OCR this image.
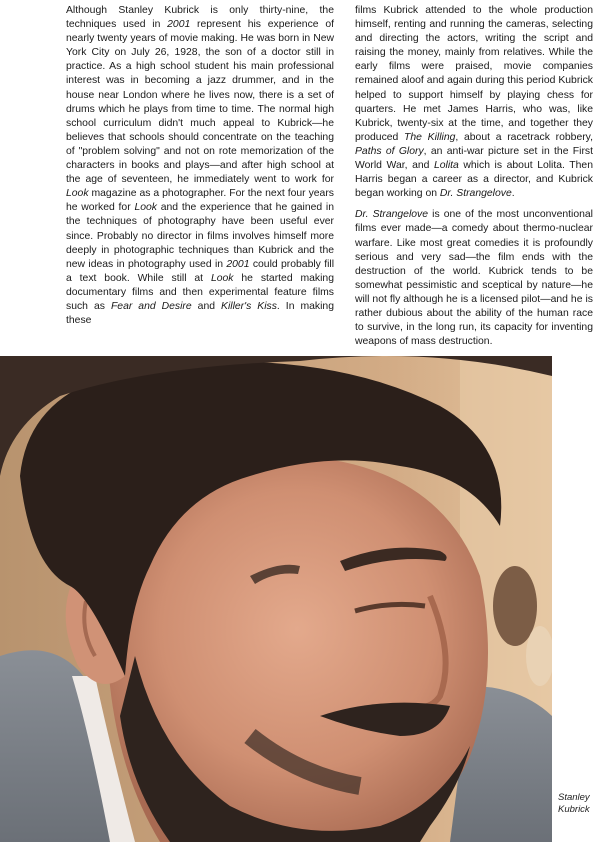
Although Stanley Kubrick is only thirty-nine, the techniques used in 2001 represent his experience of nearly twenty years of movie making. He was born in New York City on July 26, 1928, the son of a doctor still in practice. As a high school student his main professional interest was in becoming a jazz drummer, and in the house near London where he lives now, there is a set of drums which he plays from time to time. The normal high school curriculum didn't much appeal to Kubrick—he believes that schools should concentrate on the teaching of "problem solving" and not on rote memorization of the characters in books and plays—and after high school at the age of seventeen, he immediately went to work for Look magazine as a photographer. For the next four years he worked for Look and the experience that he gained in the techniques of photography have been useful ever since. Probably no director in films involves himself more deeply in photographic techniques than Kubrick and the new ideas in photography used in 2001 could probably fill a text book. While still at Look he started making documentary films and then experimental feature films such as Fear and Desire and Killer's Kiss. In making these

films Kubrick attended to the whole production himself, renting and running the cameras, selecting and directing the actors, writing the script and raising the money, mainly from relatives. While the early films were praised, movie companies remained aloof and again during this period Kubrick helped to support himself by playing chess for quarters. He met James Harris, who was, like Kubrick, twenty-six at the time, and together they produced The Killing, about a racetrack robbery, Paths of Glory, an anti-war picture set in the First World War, and Lolita which is about Lolita. Then Harris began a career as a director, and Kubrick began working on Dr. Strangelove.

Dr. Strangelove is one of the most unconventional films ever made—a comedy about thermo-nuclear warfare. Like most great comedies it is profoundly serious and very sad—the film ends with the destruction of the world. Kubrick tends to be somewhat pessimistic and sceptical by nature—he will not fly although he is a licensed pilot—and he is rather dubious about the ability of the human race to survive, in the long run, its capacity for inventing weapons of mass destruction.

Stanley
Kubrick
